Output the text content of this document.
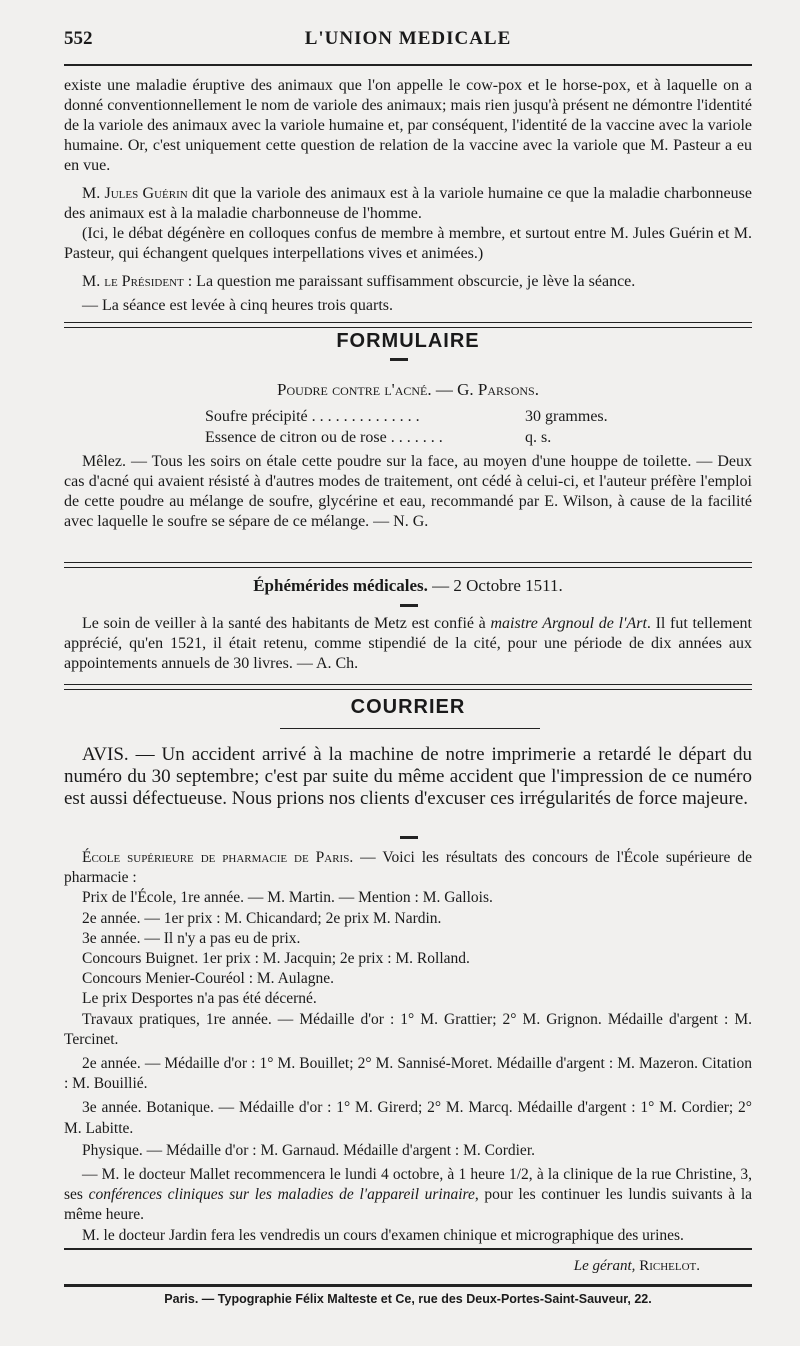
552	L'UNION MEDICALE

existe une maladie éruptive des animaux que l'on appelle le cow-pox et le horse-pox, et à laquelle on a donné conventionnellement le nom de variole des animaux; mais rien jusqu'à présent ne démontre l'identité de la variole des animaux avec la variole humaine et, par conséquent, l'identité de la vaccine avec la variole humaine. Or, c'est uniquement cette question de relation de la vaccine avec la variole que M. Pasteur a eu en vue.

M. Jules Guérin dit que la variole des animaux est à la variole humaine ce que la maladie charbonneuse des animaux est à la maladie charbonneuse de l'homme.

(Ici, le débat dégénère en colloques confus de membre à membre, et surtout entre M. Jules Guérin et M. Pasteur, qui échangent quelques interpellations vives et animées.)

M. le Président : La question me paraissant suffisamment obscurcie, je lève la séance.

— La séance est levée à cinq heures trois quarts.

FORMULAIRE
Poudre contre l'acné. — G. Parsons.
Soufre précipité . . . . . . . . . . . . . .	30 grammes.
Essence de citron ou de rose . . . . . . .	q. s.
Mêlez. — Tous les soirs on étale cette poudre sur la face, au moyen d'une houppe de toilette. — Deux cas d'acné qui avaient résisté à d'autres modes de traitement, ont cédé à celui-ci, et l'auteur préfère l'emploi de cette poudre au mélange de soufre, glycérine et eau, recommandé par E. Wilson, à cause de la facilité avec laquelle le soufre se sépare de ce mélange. — N. G.
Éphémérides médicales. — 2 Octobre 1511.
Le soin de veiller à la santé des habitants de Metz est confié à maistre Argnoul de l'Art. Il fut tellement apprécié, qu'en 1521, il était retenu, comme stipendié de la cité, pour une période de dix années aux appointements annuels de 30 livres. — A. Ch.
COURRIER
AVIS. — Un accident arrivé à la machine de notre imprimerie a retardé le départ du numéro du 30 septembre; c'est par suite du même accident que l'impression de ce numéro est aussi défectueuse. Nous prions nos clients d'excuser ces irrégularités de force majeure.

École supérieure de pharmacie de Paris. — Voici les résultats des concours de l'École supérieure de pharmacie :

Prix de l'École, 1re année. — M. Martin. — Mention : M. Gallois.

2e année. — 1er prix : M. Chicandard; 2e prix M. Nardin.

3e année. — Il n'y a pas eu de prix.

Concours Buignet. 1er prix : M. Jacquin; 2e prix : M. Rolland.

Concours Menier-Couréol : M. Aulagne.

Le prix Desportes n'a pas été décerné.

Travaux pratiques, 1re année. — Médaille d'or : 1° M. Grattier; 2° M. Grignon. Médaille d'argent : M. Tercinet.

2e année. — Médaille d'or : 1° M. Bouillet; 2° M. Sannisé-Moret. Médaille d'argent : M. Mazeron. Citation : M. Bouillié.

3e année. Botanique. — Médaille d'or : 1° M. Girerd; 2° M. Marcq. Médaille d'argent : 1° M. Cordier; 2° M. Labitte.

Physique. — Médaille d'or : M. Garnaud. Médaille d'argent : M. Cordier.

— M. le docteur Mallet recommencera le lundi 4 octobre, à 1 heure 1/2, à la clinique de la rue Christine, 3, ses conférences cliniques sur les maladies de l'appareil urinaire, pour les continuer les lundis suivants à la même heure.

M. le docteur Jardin fera les vendredis un cours d'examen chinique et micrographique des urines.

Le gérant, Richelot.
Paris. — Typographie Félix Malteste et Ce, rue des Deux-Portes-Saint-Sauveur, 22.
